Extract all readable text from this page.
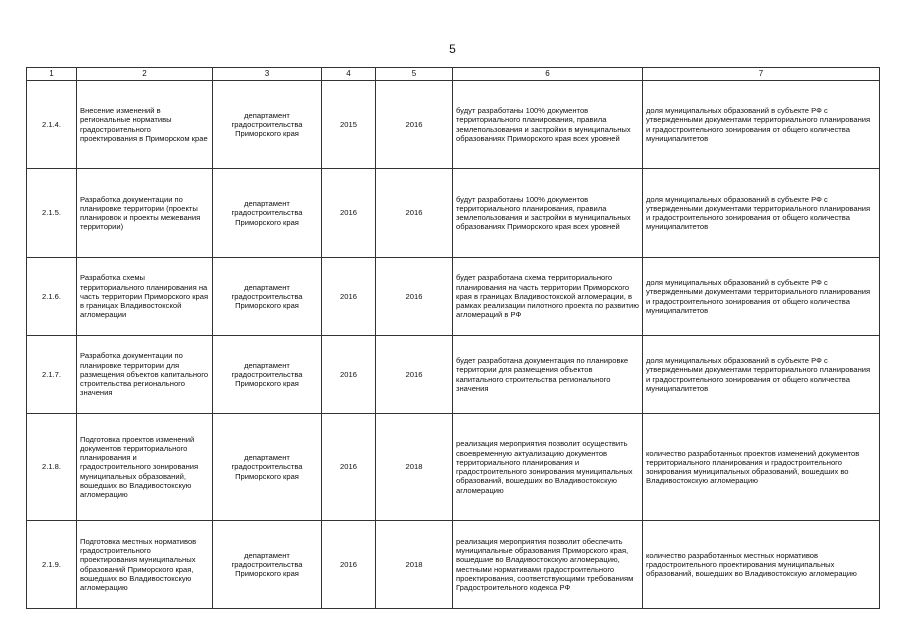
5
1	2	3	4	5	6	7
2.1.4.	Внесение изменений в региональные нормативы градостроительного проектирования в Приморском крае	департамент градостроительства Приморского края	2015	2016	будут разработаны 100% документов территориального планирования, правила землепользования и застройки в муниципальных образованиях Приморского края всех уровней	доля муниципальных образований в субъекте РФ с утвержденными документами территориального планирования и градостроительного зонирования от общего количества муниципалитетов
2.1.5.	Разработка документации по планировке территории (проекты планировок и проекты межевания территории)	департамент градостроительства Приморского края	2016	2016	будут разработаны 100% документов территориального планирования, правила землепользования и застройки в муниципальных образованиях Приморского края всех уровней	доля муниципальных образований в субъекте РФ с утвержденными документами территориального планирования и градостроительного зонирования от общего количества муниципалитетов
2.1.6.	Разработка схемы территориального планирования на часть территории Приморского края в границах Владивостокской агломерации	департамент градостроительства Приморского края	2016	2016	будет разработана схема территориального планирования на часть территории Приморского края в границах Владивостокской агломерации, в рамках реализации пилотного проекта по развитию агломераций в РФ	доля муниципальных образований в субъекте РФ с утвержденными документами территориального планирования и градостроительного зонирования от общего количества муниципалитетов
2.1.7.	Разработка документации по планировке территории для размещения объектов капитального строительства регионального значения	департамент градостроительства Приморского края	2016	2016	будет разработана документация по планировке территории для размещения объектов капитального строительства регионального значения	доля муниципальных образований в субъекте РФ с утвержденными документами территориального планирования и градостроительного зонирования от общего количества муниципалитетов
2.1.8.	Подготовка проектов изменений документов территориального планирования и градостроительного зонирования муниципальных образований, вошедших во Владивостокскую агломерацию	департамент градостроительства Приморского края	2016	2018	реализация мероприятия позволит осуществить своевременную актуализацию документов территориального планирования и градостроительного зонирования муниципальных образований, вошедших во Владивостокскую агломерацию	количество разработанных проектов изменений документов территориального планирования и градостроительного зонирования муниципальных образований, вошедших во Владивостокскую агломерацию
2.1.9.	Подготовка местных нормативов градостроительного проектирования муниципальных образований Приморского края, вошедших во Владивостокскую агломерацию	департамент градостроительства Приморского края	2016	2018	реализация мероприятия позволит обеспечить муниципальные образования Приморского края, вошедшие во Владивостокскую агломерацию, местными нормативами градостроительного проектирования, соответствующими требованиям Градостроительного кодекса РФ	количество разработанных местных нормативов градостроительного проектирования муниципальных образований, вошедших во Владивостокскую агломерацию
